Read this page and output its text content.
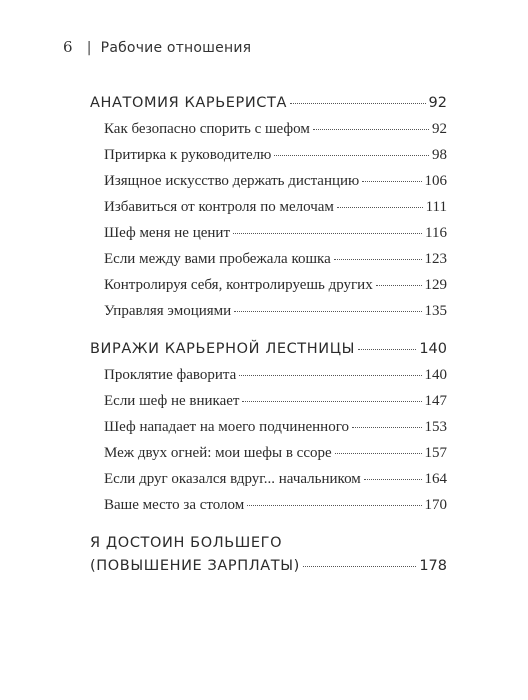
6 | Рабочие отношения
АНАТОМИЯ КАРЬЕРИСТА	92
Как безопасно спорить с шефом	92
Притирка к руководителю	98
Изящное искусство держать дистанцию	106
Избавиться от контроля по мелочам	111
Шеф меня не ценит	116
Если между вами пробежала кошка	123
Контролируя себя, контролируешь других	129
Управляя эмоциями	135
ВИРАЖИ КАРЬЕРНОЙ ЛЕСТНИЦЫ	140
Проклятие фаворита	140
Если шеф не вникает	147
Шеф нападает на моего подчиненного	153
Меж двух огней: мои шефы в ссоре	157
Если друг оказался вдруг... начальником	164
Ваше место за столом	170
Я ДОСТОИН БОЛЬШЕГО
(ПОВЫШЕНИЕ ЗАРПЛАТЫ)	178
